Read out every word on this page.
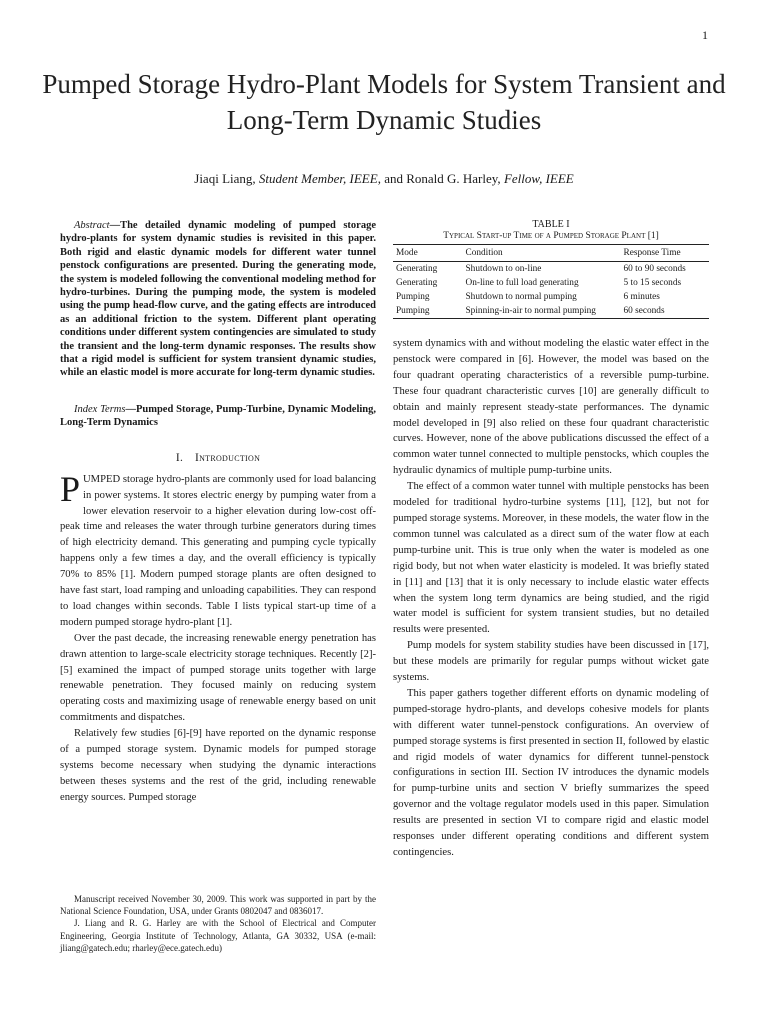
1
Pumped Storage Hydro-Plant Models for System Transient and Long-Term Dynamic Studies
Jiaqi Liang, Student Member, IEEE, and Ronald G. Harley, Fellow, IEEE

Abstract—The detailed dynamic modeling of pumped storage hydro-plants for system dynamic studies is revisited in this paper. Both rigid and elastic dynamic models for different water tunnel penstock configurations are presented. During the generating mode, the system is modeled following the conventional modeling method for hydro-turbines. During the pumping mode, the system is modeled using the pump head-flow curve, and the gating effects are introduced as an additional friction to the system. Different plant operating conditions under different system contingencies are simulated to study the transient and the long-term dynamic responses. The results show that a rigid model is sufficient for system transient dynamic studies, while an elastic model is more accurate for long-term dynamic studies.

Index Terms—Pumped Storage, Pump-Turbine, Dynamic Modeling, Long-Term Dynamics

I. Introduction

PUMPED storage hydro-plants are commonly used for load balancing in power systems. It stores electric energy by pumping water from a lower elevation reservoir to a higher elevation during low-cost off-peak time and releases the water through turbine generators during times of high electricity demand. This generating and pumping cycle typically happens only a few times a day, and the overall efficiency is typically 70% to 85% [1]. Modern pumped storage plants are often designed to have fast start, load ramping and unloading capabilities. They can respond to load changes within seconds. Table I lists typical start-up time of a modern pumped storage hydro-plant [1].

Over the past decade, the increasing renewable energy penetration has drawn attention to large-scale electricity storage techniques. Recently [2]-[5] examined the impact of pumped storage units together with large renewable penetration. They focused mainly on reducing system operating costs and maximizing usage of renewable energy based on unit commitments and dispatches.

Relatively few studies [6]-[9] have reported on the dynamic response of a pumped storage system. Dynamic models for pumped storage systems become necessary when studying the dynamic interactions between theses systems and the rest of the grid, including renewable energy sources. Pumped storage

Manuscript received November 30, 2009. This work was supported in part by the National Science Foundation, USA, under Grants 0802047 and 0836017.

J. Liang and R. G. Harley are with the School of Electrical and Computer Engineering, Georgia Institute of Technology, Atlanta, GA 30332, USA (e-mail: jliang@gatech.edu; rharley@ece.gatech.edu)

TABLE I

Typical Start-up Time of a Pumped Storage Plant [1]

Mode	Condition	Response Time
Generating	Shutdown to on-line	60 to 90 seconds
Generating	On-line to full load generating	5 to 15 seconds
Pumping	Shutdown to normal pumping	6 minutes
Pumping	Spinning-in-air to normal pumping	60 seconds

system dynamics with and without modeling the elastic water effect in the penstock were compared in [6]. However, the model was based on the four quadrant operating characteristics of a reversible pump-turbine. These four quadrant characteristic curves [10] are generally difficult to obtain and mainly represent steady-state performances. The dynamic model developed in [9] also relied on these four quadrant characteristic curves. However, none of the above publications discussed the effect of a common water tunnel connected to multiple penstocks, which couples the hydraulic dynamics of multiple pump-turbine units.

The effect of a common water tunnel with multiple penstocks has been modeled for traditional hydro-turbine systems [11], [12], but not for pumped storage systems. Moreover, in these models, the water flow in the common tunnel was calculated as a direct sum of the water flow at each pump-turbine unit. This is true only when the water is modeled as one rigid body, but not when water elasticity is modeled. It was briefly stated in [11] and [13] that it is only necessary to include elastic water effects when the system long term dynamics are being studied, and the rigid water model is sufficient for system transient studies, but no detailed results were presented.

Pump models for system stability studies have been discussed in [17], but these models are primarily for regular pumps without wicket gate systems.

This paper gathers together different efforts on dynamic modeling of pumped-storage hydro-plants, and develops cohesive models for plants with different water tunnel-penstock configurations. An overview of pumped storage systems is first presented in section II, followed by elastic and rigid models of water dynamics for different tunnel-penstock configurations in section III. Section IV introduces the dynamic models for pump-turbine units and section V briefly summarizes the speed governor and the voltage regulator models used in this paper. Simulation results are presented in section VI to compare rigid and elastic model responses under different operating conditions and different system contingencies.
